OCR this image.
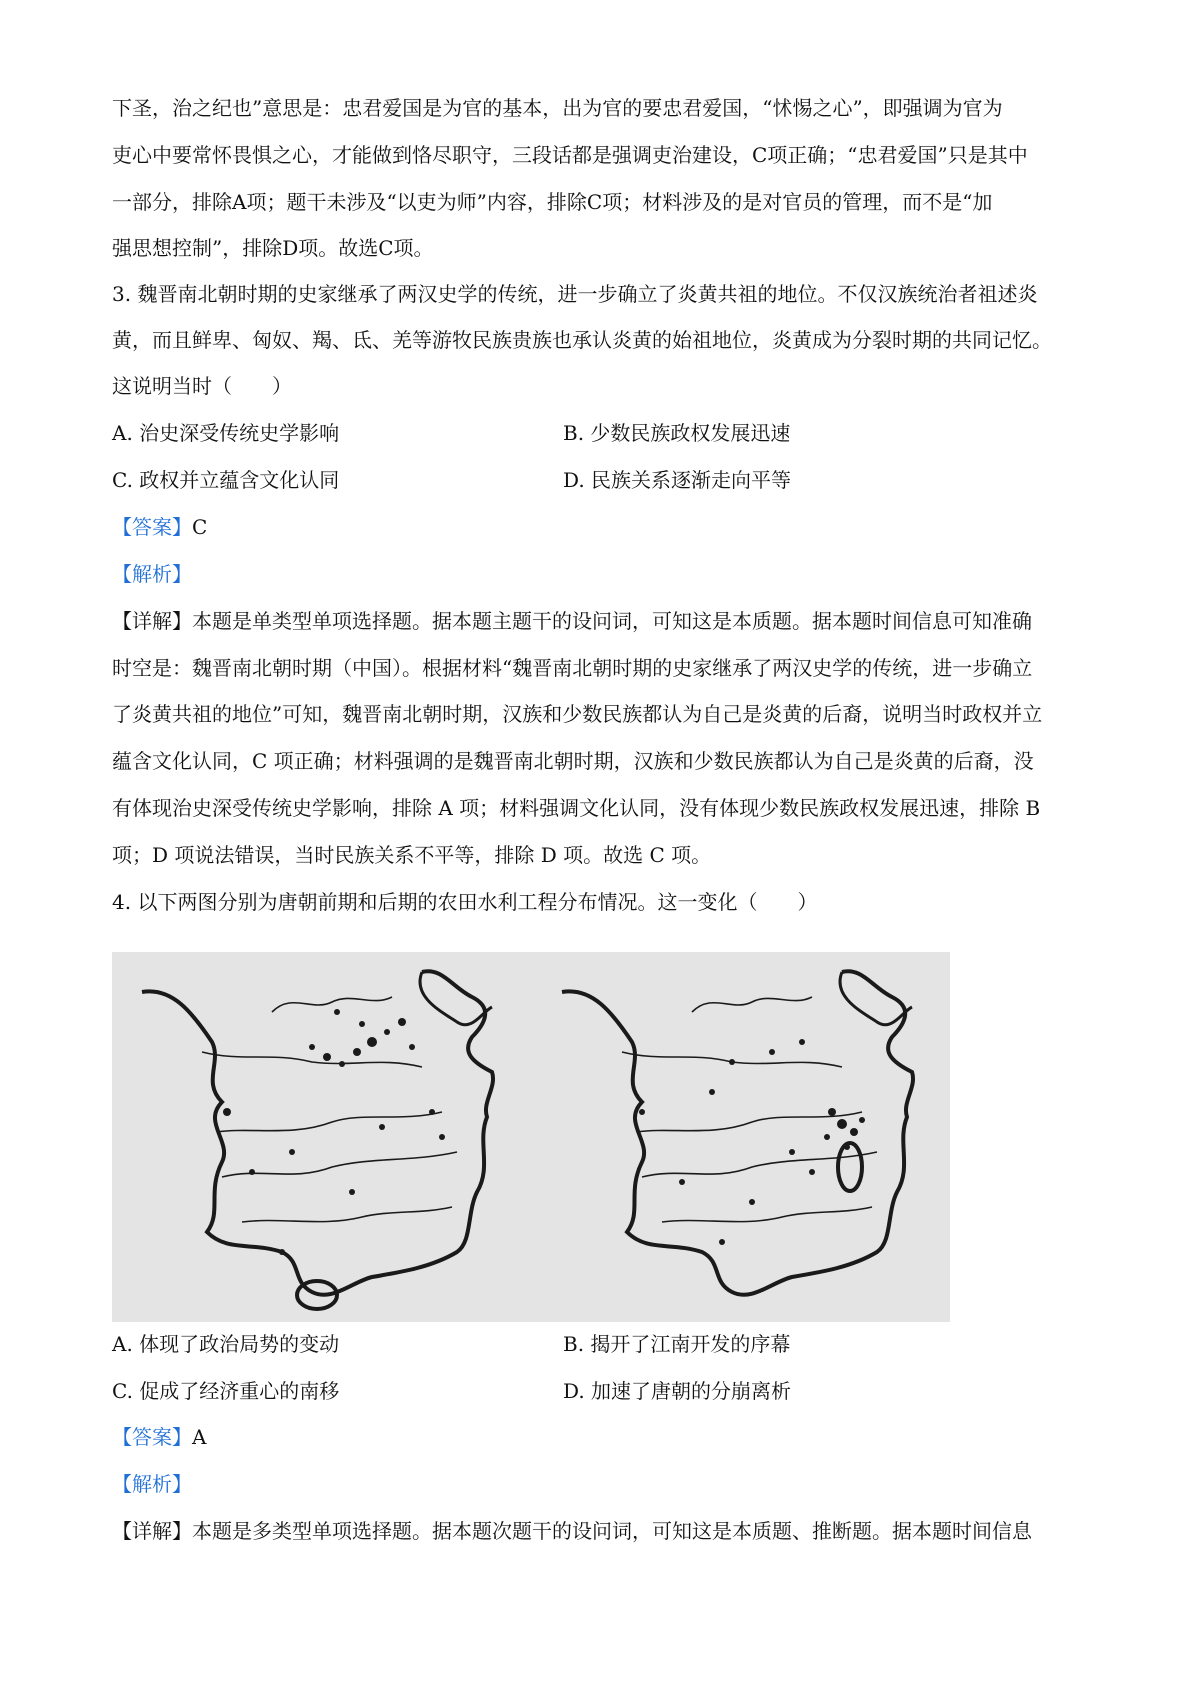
下圣，治之纪也”意思是：忠君爱国是为官的基本，出为官的要忠君爱国，“怵惕之心”，即强调为官为
吏心中要常怀畏惧之心，才能做到恪尽职守，三段话都是强调吏治建设，C项正确；“忠君爱国”只是其中
一部分，排除A项；题干未涉及“以吏为师”内容，排除C项；材料涉及的是对官员的管理，而不是“加
强思想控制”，排除D项。故选C项。
3. 魏晋南北朝时期的史家继承了两汉史学的传统，进一步确立了炎黄共祖的地位。不仅汉族统治者祖述炎
黄，而且鲜卑、匈奴、羯、氐、羌等游牧民族贵族也承认炎黄的始祖地位，炎黄成为分裂时期的共同记忆。
这说明当时（　　）
A. 治史深受传统史学影响	B. 少数民族政权发展迅速
C. 政权并立蕴含文化认同	D. 民族关系逐渐走向平等
【答案】C
【解析】
【详解】本题是单类型单项选择题。据本题主题干的设问词，可知这是本质题。据本题时间信息可知准确
时空是：魏晋南北朝时期（中国）。根据材料“魏晋南北朝时期的史家继承了两汉史学的传统，进一步确立
了炎黄共祖的地位”可知，魏晋南北朝时期，汉族和少数民族都认为自己是炎黄的后裔，说明当时政权并立
蕴含文化认同，C 项正确；材料强调的是魏晋南北朝时期，汉族和少数民族都认为自己是炎黄的后裔，没
有体现治史深受传统史学影响，排除 A 项；材料强调文化认同，没有体现少数民族政权发展迅速，排除 B
项；D 项说法错误，当时民族关系不平等，排除 D 项。故选 C 项。
4. 以下两图分别为唐朝前期和后期的农田水利工程分布情况。这一变化（　　）
A. 体现了政治局势的变动	B. 揭开了江南开发的序幕
C. 促成了经济重心的南移	D. 加速了唐朝的分崩离析
【答案】A
【解析】
【详解】本题是多类型单项选择题。据本题次题干的设问词，可知这是本质题、推断题。据本题时间信息
